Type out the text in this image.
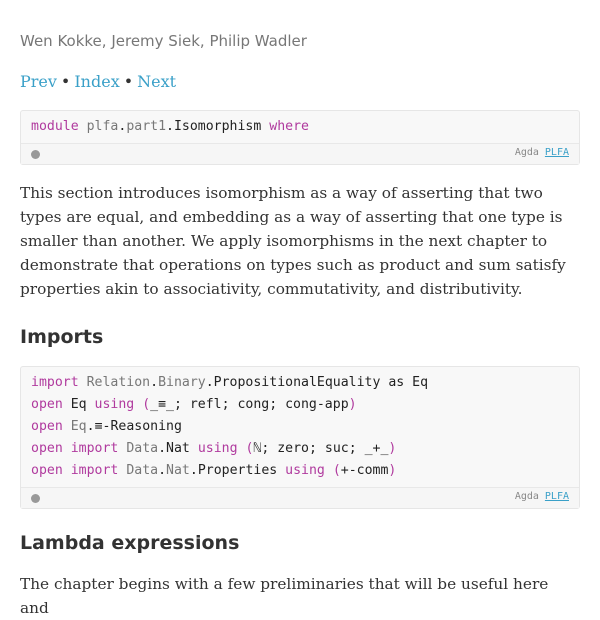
Wen Kokke, Jeremy Siek, Philip Wadler
Prev • Index • Next
module plfa.part1.Isomorphism where
Agda PLFA

This section introduces isomorphism as a way of asserting that two types are equal, and embedding as a way of asserting that one type is smaller than another. We apply isomorphisms in the next chapter to demonstrate that operations on types such as product and sum satisfy properties akin to associativity, commutativity, and distributivity.

Imports
import Relation.Binary.PropositionalEquality as Eq
open Eq using (_≡_; refl; cong; cong-app)
open Eq.≡-Reasoning
open import Data.Nat using (ℕ; zero; suc; _+_)
open import Data.Nat.Properties using (+-comm)
Agda PLFA
Lambda expressions

The chapter begins with a few preliminaries that will be useful here and
